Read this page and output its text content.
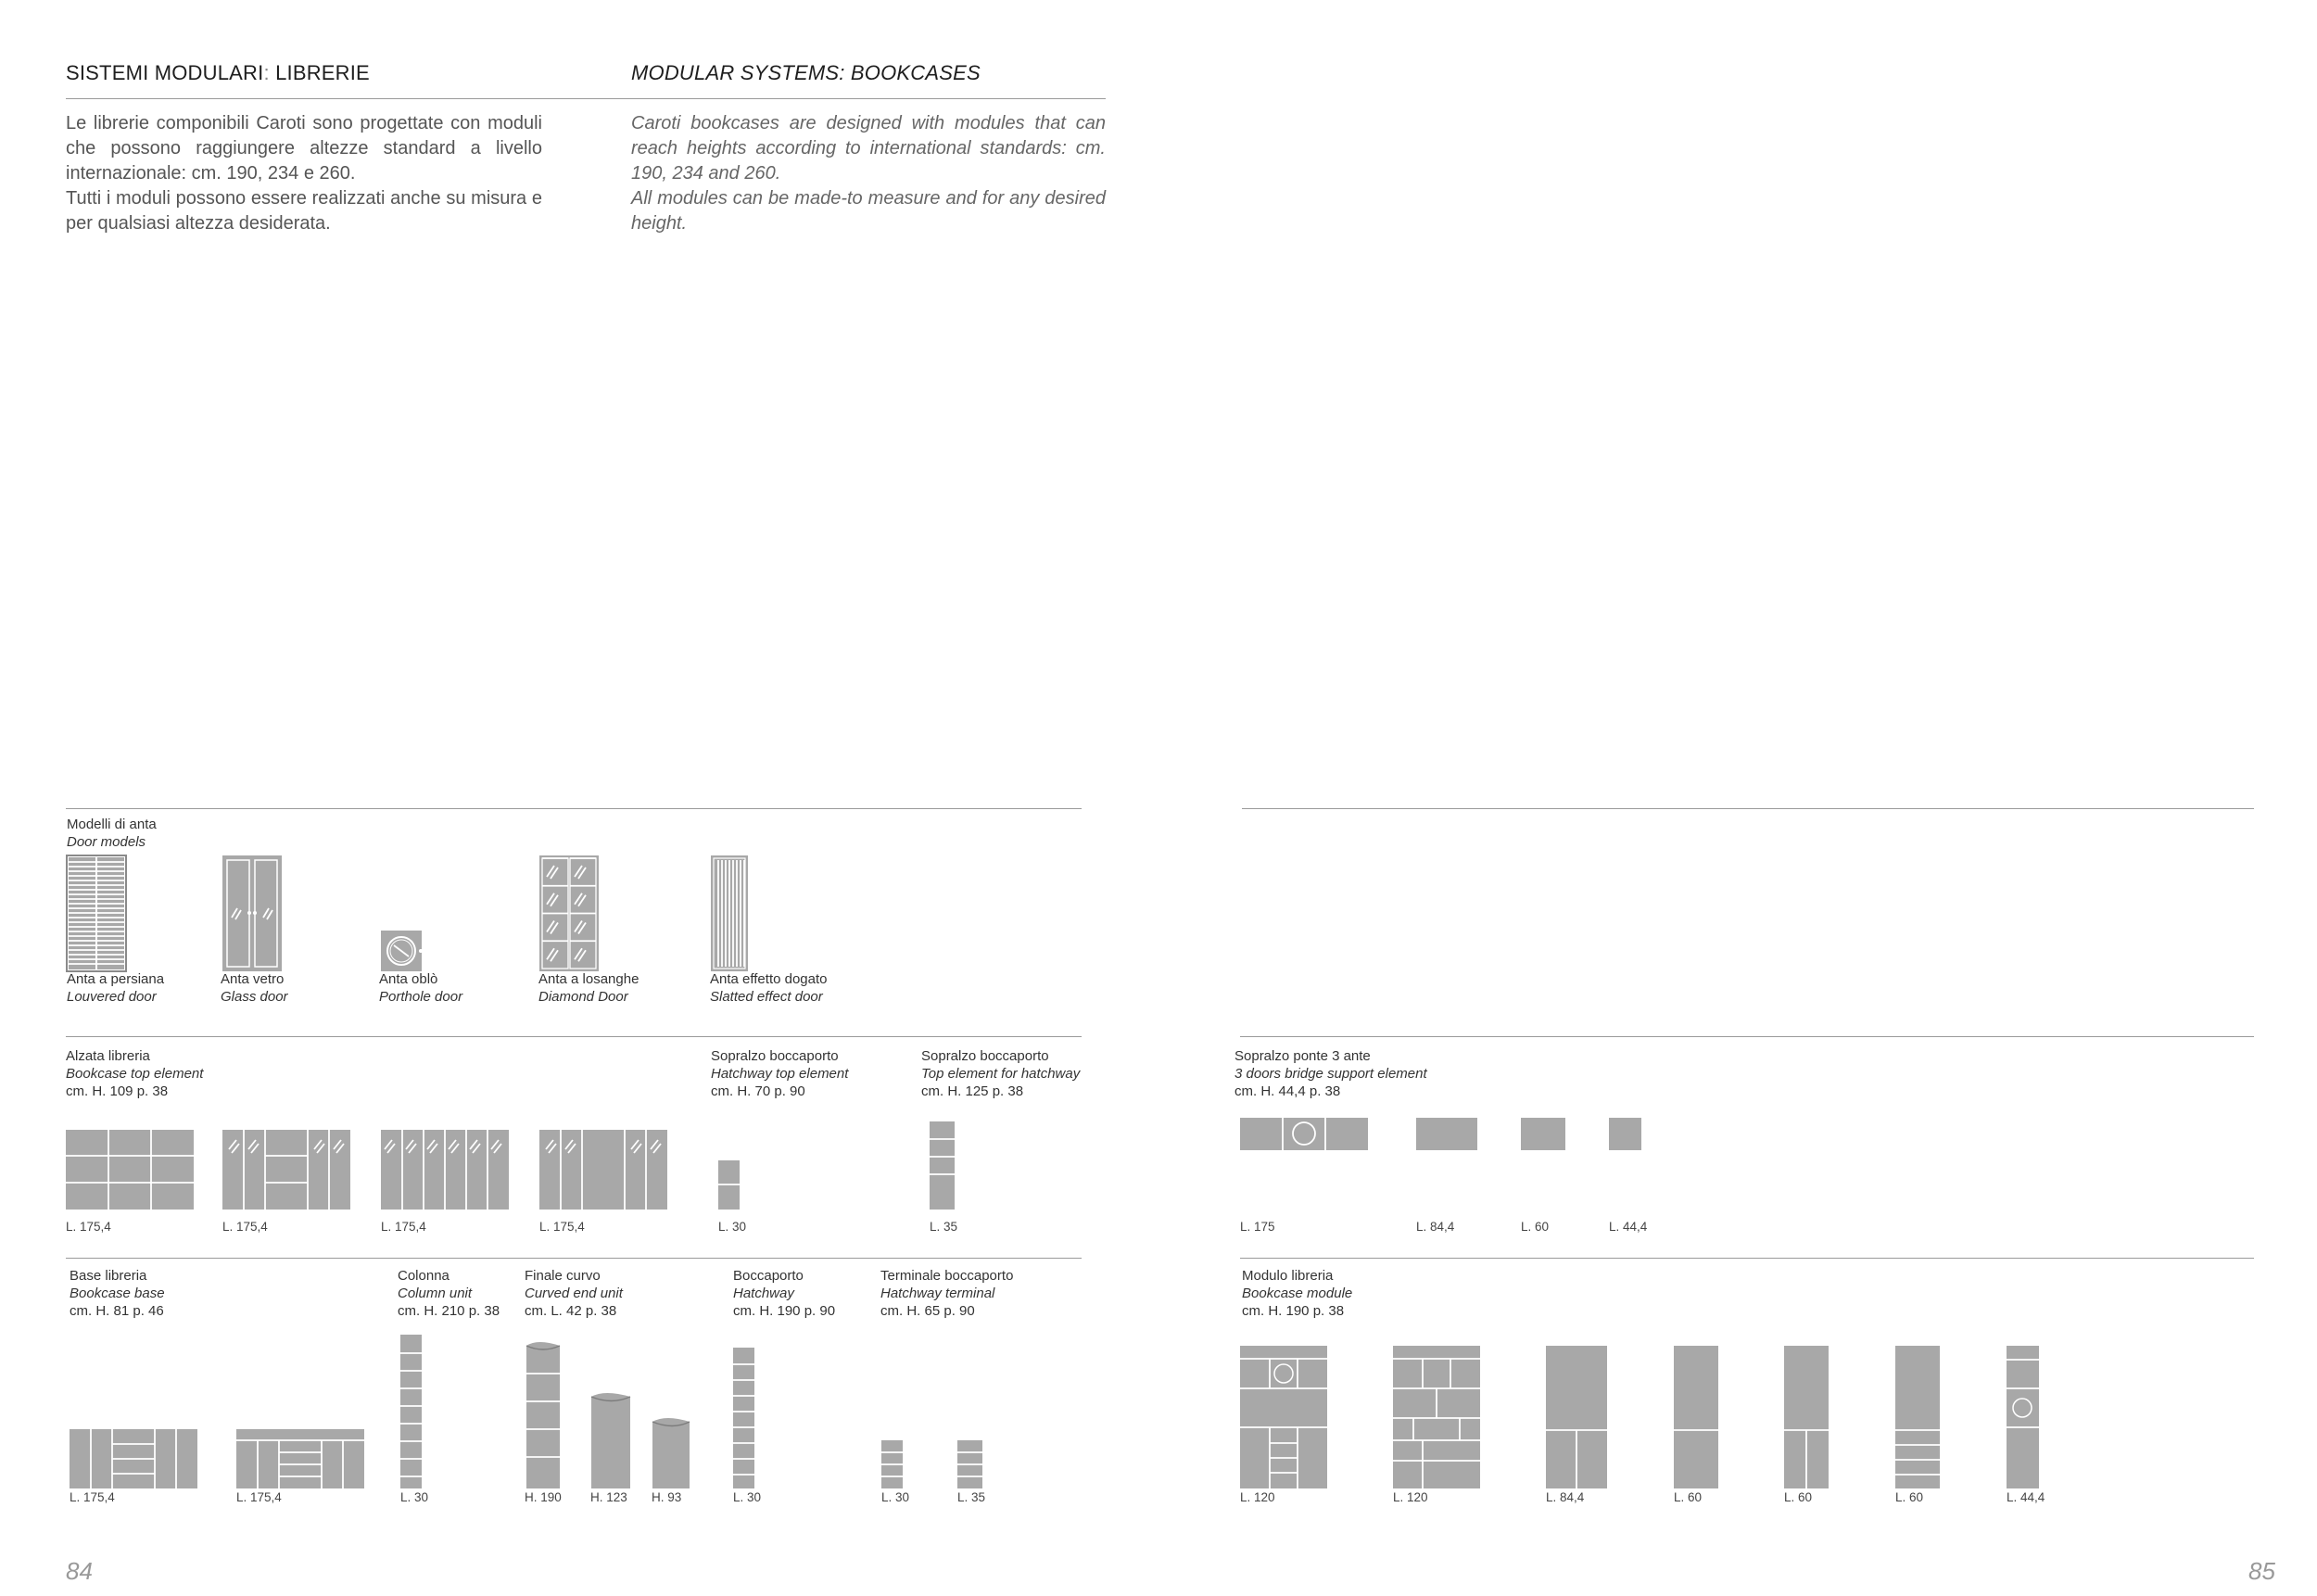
SISTEMI MODULARI: LIBRERIE	MODULAR SYSTEMS: BOOKCASES

Le librerie componibili Caroti sono progettate con moduli che possono raggiungere altezze standard a livello internazionale: cm. 190, 234 e 260.

Tutti i moduli possono essere realizzati anche su misura e per qualsiasi altezza desiderata.

Caroti bookcases are designed with modules that can reach heights according to international standards: cm. 190, 234 and 260.

All modules can be made-to measure and for any desired height.

Modelli di anta
Door models
Anta a persiana
Louvered door
Anta vetro
Glass door
Anta oblò
Porthole door
Anta a losanghe
Diamond Door
Anta effetto dogato
Slatted effect door
Alzata libreria
Bookcase top element
cm. H. 109 p. 38
Sopralzo boccaporto
Hatchway top element
cm. H. 70 p. 90
Sopralzo boccaporto
Top element for hatchway
cm. H. 125 p. 38
Sopralzo ponte 3 ante
3 doors bridge support element
cm. H. 44,4 p. 38
L. 175,4	L. 175,4	L. 175,4	L. 175,4	L. 30	L. 35	L. 175	L. 84,4	L. 60	L. 44,4
Base libreria
Bookcase base
cm. H. 81 p. 46
Colonna
Column unit
cm. H. 210 p. 38
Finale curvo
Curved end unit
cm. L. 42 p. 38
Boccaporto
Hatchway
cm. H. 190 p. 90
Terminale boccaporto
Hatchway terminal
cm. H. 65 p. 90
Modulo libreria
Bookcase module
cm. H. 190 p. 38
L. 175,4	L. 175,4	L. 30	H. 190 H. 123 H. 93	L. 30	L. 30	L. 35	L. 120	L. 120	L. 84,4	L. 60	L. 60	L. 60	L. 44,4
84	85
